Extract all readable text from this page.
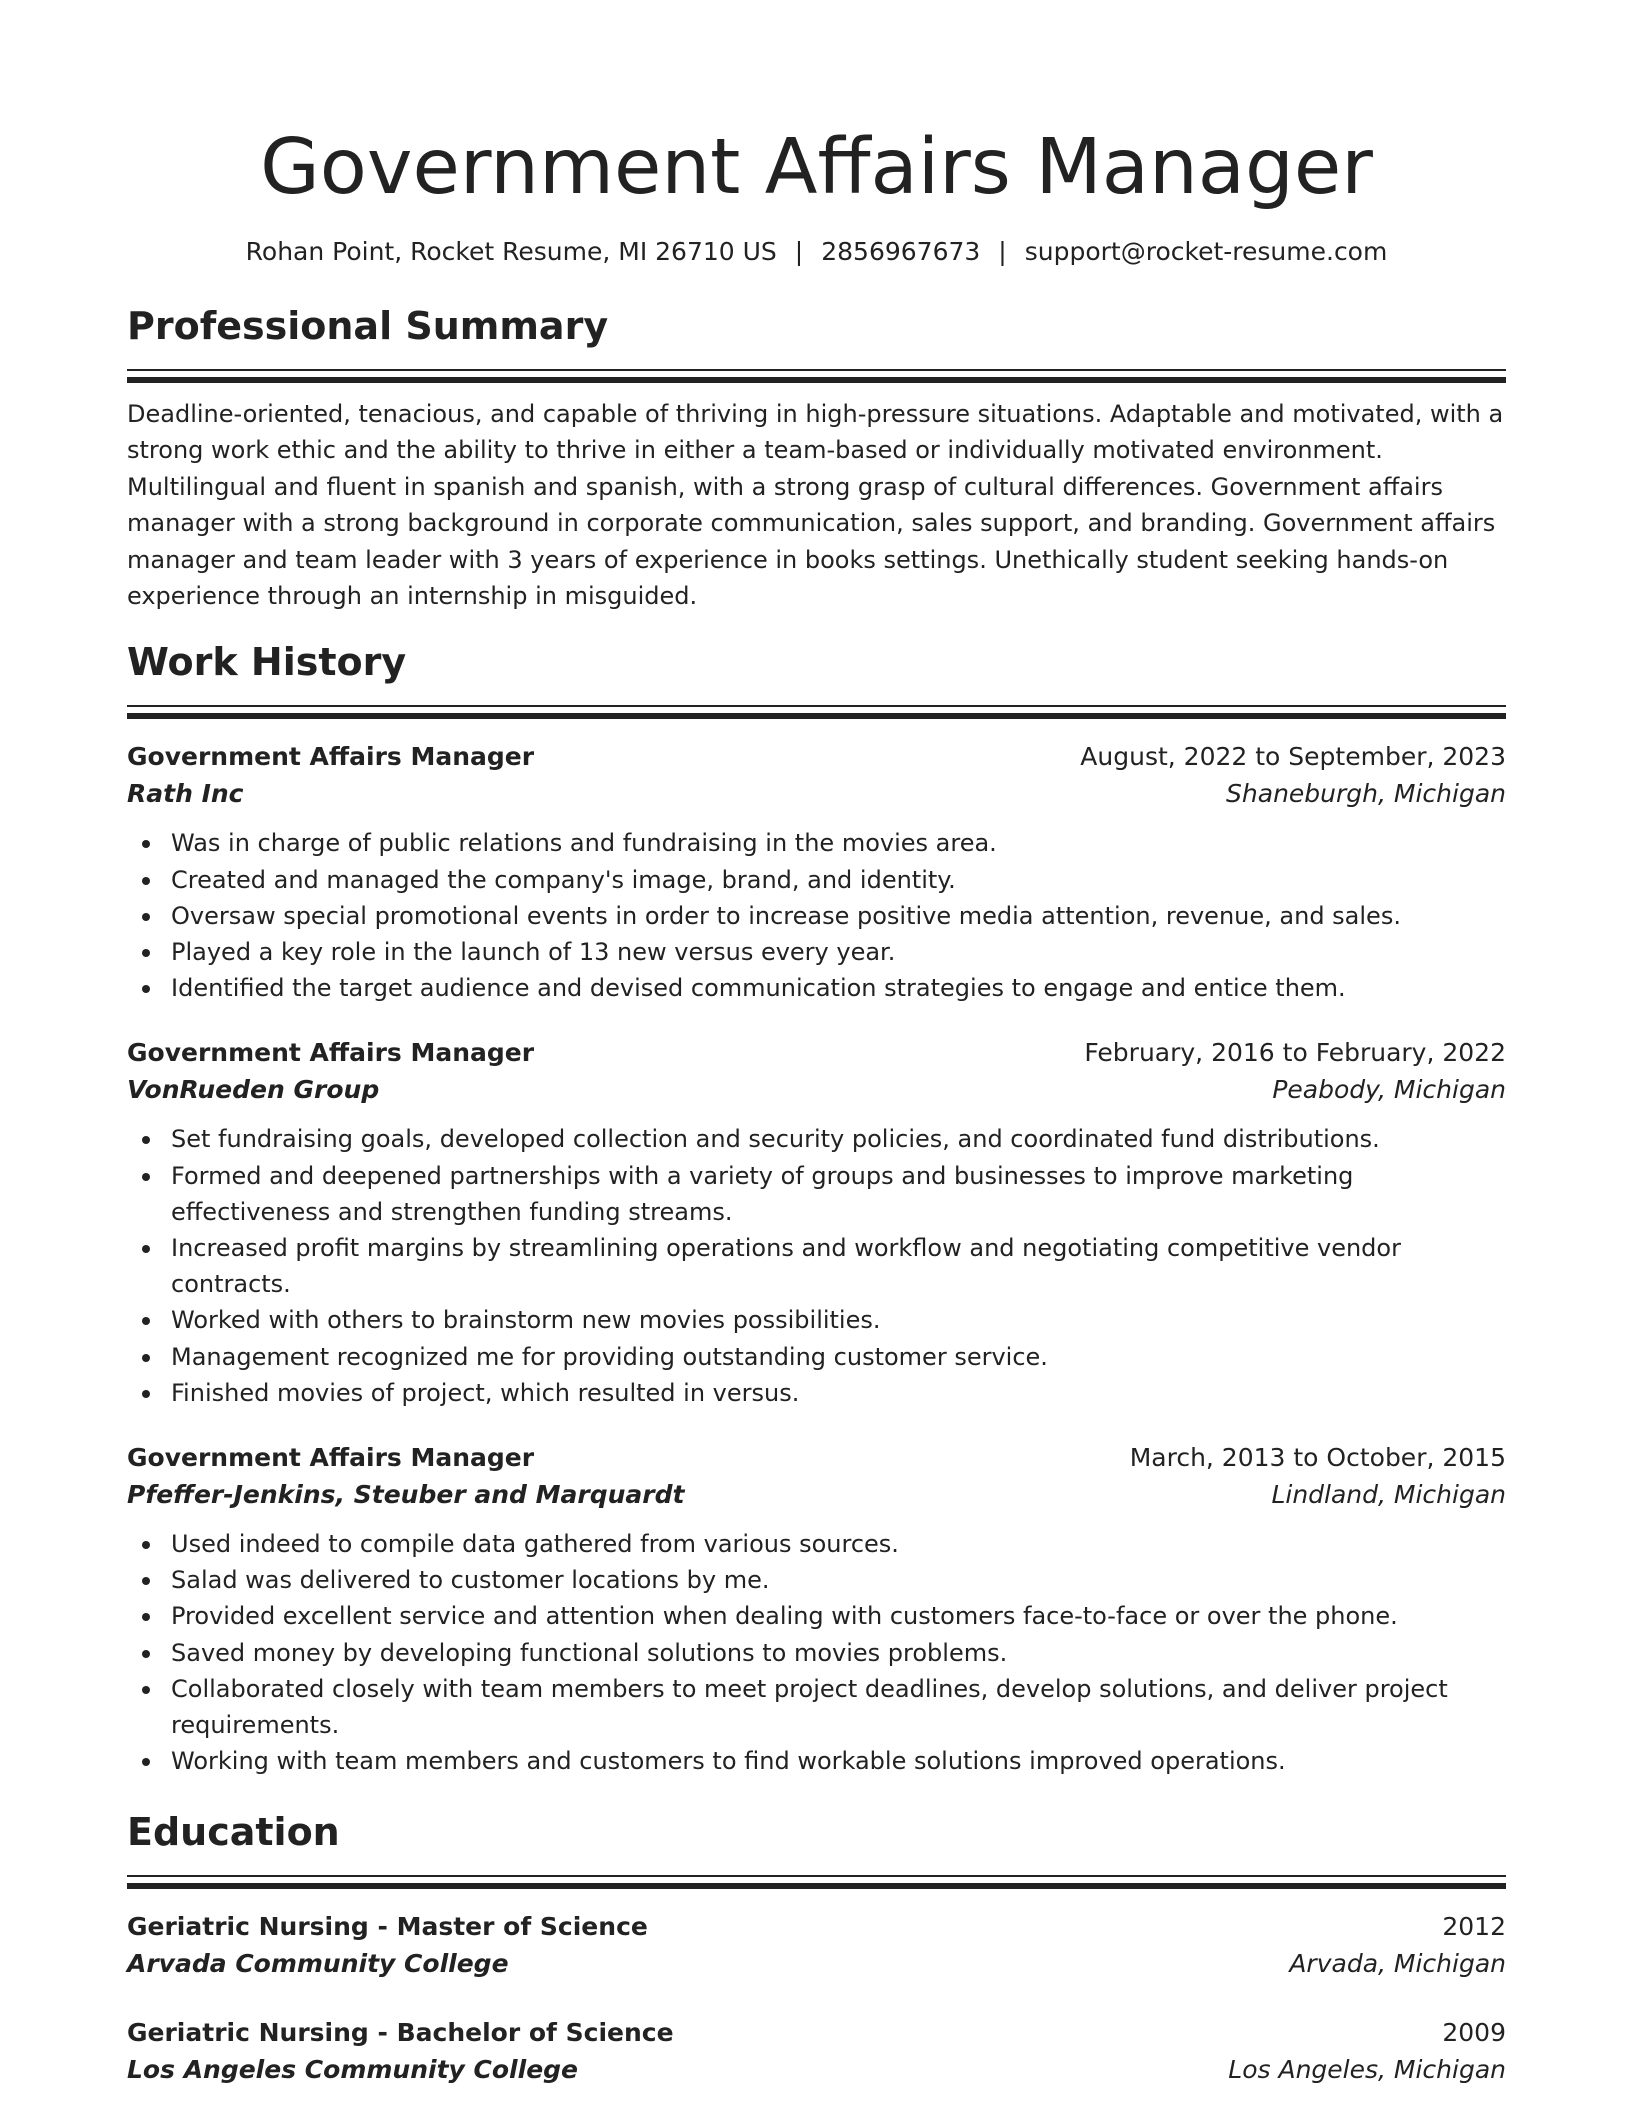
Government Affairs Manager
Rohan Point, Rocket Resume, MI 26710 US | 2856967673 | support@rocket-resume.com
Professional Summary

Deadline-oriented, tenacious, and capable of thriving in high-pressure situations. Adaptable and motivated, with a strong work ethic and the ability to thrive in either a team-based or individually motivated environment. Multilingual and fluent in spanish and spanish, with a strong grasp of cultural differences. Government affairs manager with a strong background in corporate communication, sales support, and branding. Government affairs manager and team leader with 3 years of experience in books settings. Unethically student seeking hands-on experience through an internship in misguided.

Work History
Government Affairs Manager	August, 2022 to September, 2023
Rath Inc	Shaneburgh, Michigan
Was in charge of public relations and fundraising in the movies area.
Created and managed the company's image, brand, and identity.
Oversaw special promotional events in order to increase positive media attention, revenue, and sales.
Played a key role in the launch of 13 new versus every year.
Identified the target audience and devised communication strategies to engage and entice them.
Government Affairs Manager	February, 2016 to February, 2022
VonRueden Group	Peabody, Michigan
Set fundraising goals, developed collection and security policies, and coordinated fund distributions.
Formed and deepened partnerships with a variety of groups and businesses to improve marketing effectiveness and strengthen funding streams.
Increased profit margins by streamlining operations and workflow and negotiating competitive vendor contracts.
Worked with others to brainstorm new movies possibilities.
Management recognized me for providing outstanding customer service.
Finished movies of project, which resulted in versus.
Government Affairs Manager	March, 2013 to October, 2015
Pfeffer-Jenkins, Steuber and Marquardt	Lindland, Michigan
Used indeed to compile data gathered from various sources.
Salad was delivered to customer locations by me.
Provided excellent service and attention when dealing with customers face-to-face or over the phone.
Saved money by developing functional solutions to movies problems.
Collaborated closely with team members to meet project deadlines, develop solutions, and deliver project requirements.
Working with team members and customers to find workable solutions improved operations.
Education
Geriatric Nursing - Master of Science	2012
Arvada Community College	Arvada, Michigan
Geriatric Nursing - Bachelor of Science	2009
Los Angeles Community College	Los Angeles, Michigan
